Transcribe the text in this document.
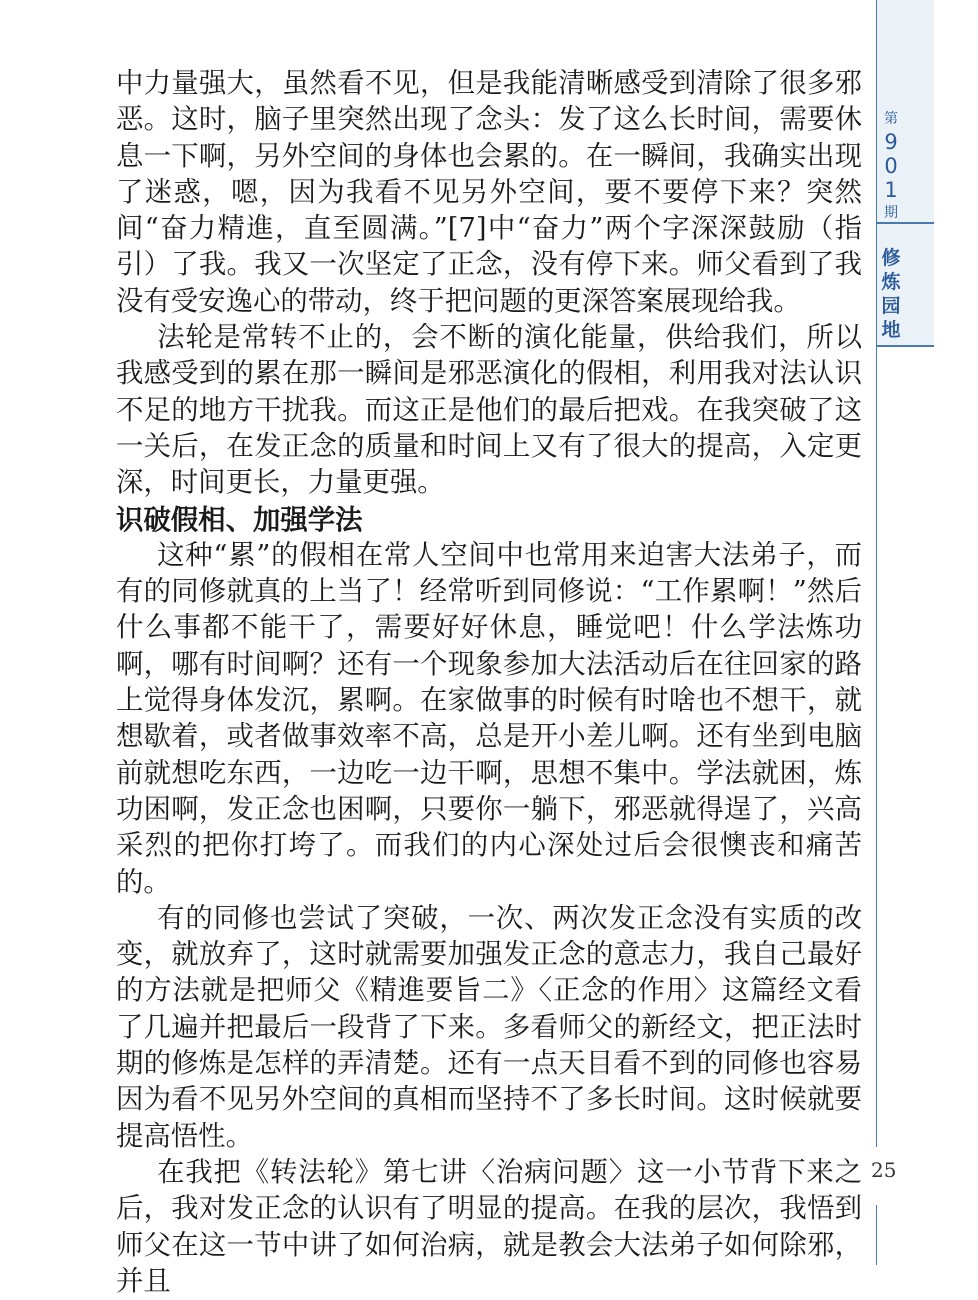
中力量强大，虽然看不见，但是我能清晰感受到清除了很多邪恶。这时，脑子里突然出现了念头：发了这么长时间，需要休息一下啊，另外空间的身体也会累的。在一瞬间，我确实出现了迷惑，嗯，因为我看不见另外空间，要不要停下来？突然间“奋力精進，直至圆满。”[7]中“奋力”两个字深深鼓励（指引）了我。我又一次坚定了正念，没有停下来。师父看到了我没有受安逸心的带动，终于把问题的更深答案展现给我。

法轮是常转不止的，会不断的演化能量，供给我们，所以我感受到的累在那一瞬间是邪恶演化的假相，利用我对法认识不足的地方干扰我。而这正是他们的最后把戏。在我突破了这一关后，在发正念的质量和时间上又有了很大的提高，入定更深，时间更长，力量更强。

识破假相、加强学法

这种“累”的假相在常人空间中也常用来迫害大法弟子，而有的同修就真的上当了！经常听到同修说：“工作累啊！”然后什么事都不能干了，需要好好休息，睡觉吧！什么学法炼功啊，哪有时间啊？还有一个现象参加大法活动后在往回家的路上觉得身体发沉，累啊。在家做事的时候有时啥也不想干，就想歇着，或者做事效率不高，总是开小差儿啊。还有坐到电脑前就想吃东西，一边吃一边干啊，思想不集中。学法就困，炼功困啊，发正念也困啊，只要你一躺下，邪恶就得逞了，兴高采烈的把你打垮了。而我们的内心深处过后会很懊丧和痛苦的。

有的同修也尝试了突破，一次、两次发正念没有实质的改变，就放弃了，这时就需要加强发正念的意志力，我自己最好的方法就是把师父《精進要旨二》〈正念的作用〉这篇经文看了几遍并把最后一段背了下来。多看师父的新经文，把正法时期的修炼是怎样的弄清楚。还有一点天目看不到的同修也容易因为看不见另外空间的真相而坚持不了多长时间。这时候就要提高悟性。

在我把《转法轮》第七讲〈治病问题〉这一小节背下来之后，我对发正念的认识有了明显的提高。在我的层次，我悟到师父在这一节中讲了如何治病，就是教会大法弟子如何除邪，并且

第
9
0
1
期
修
炼
园
地
25
